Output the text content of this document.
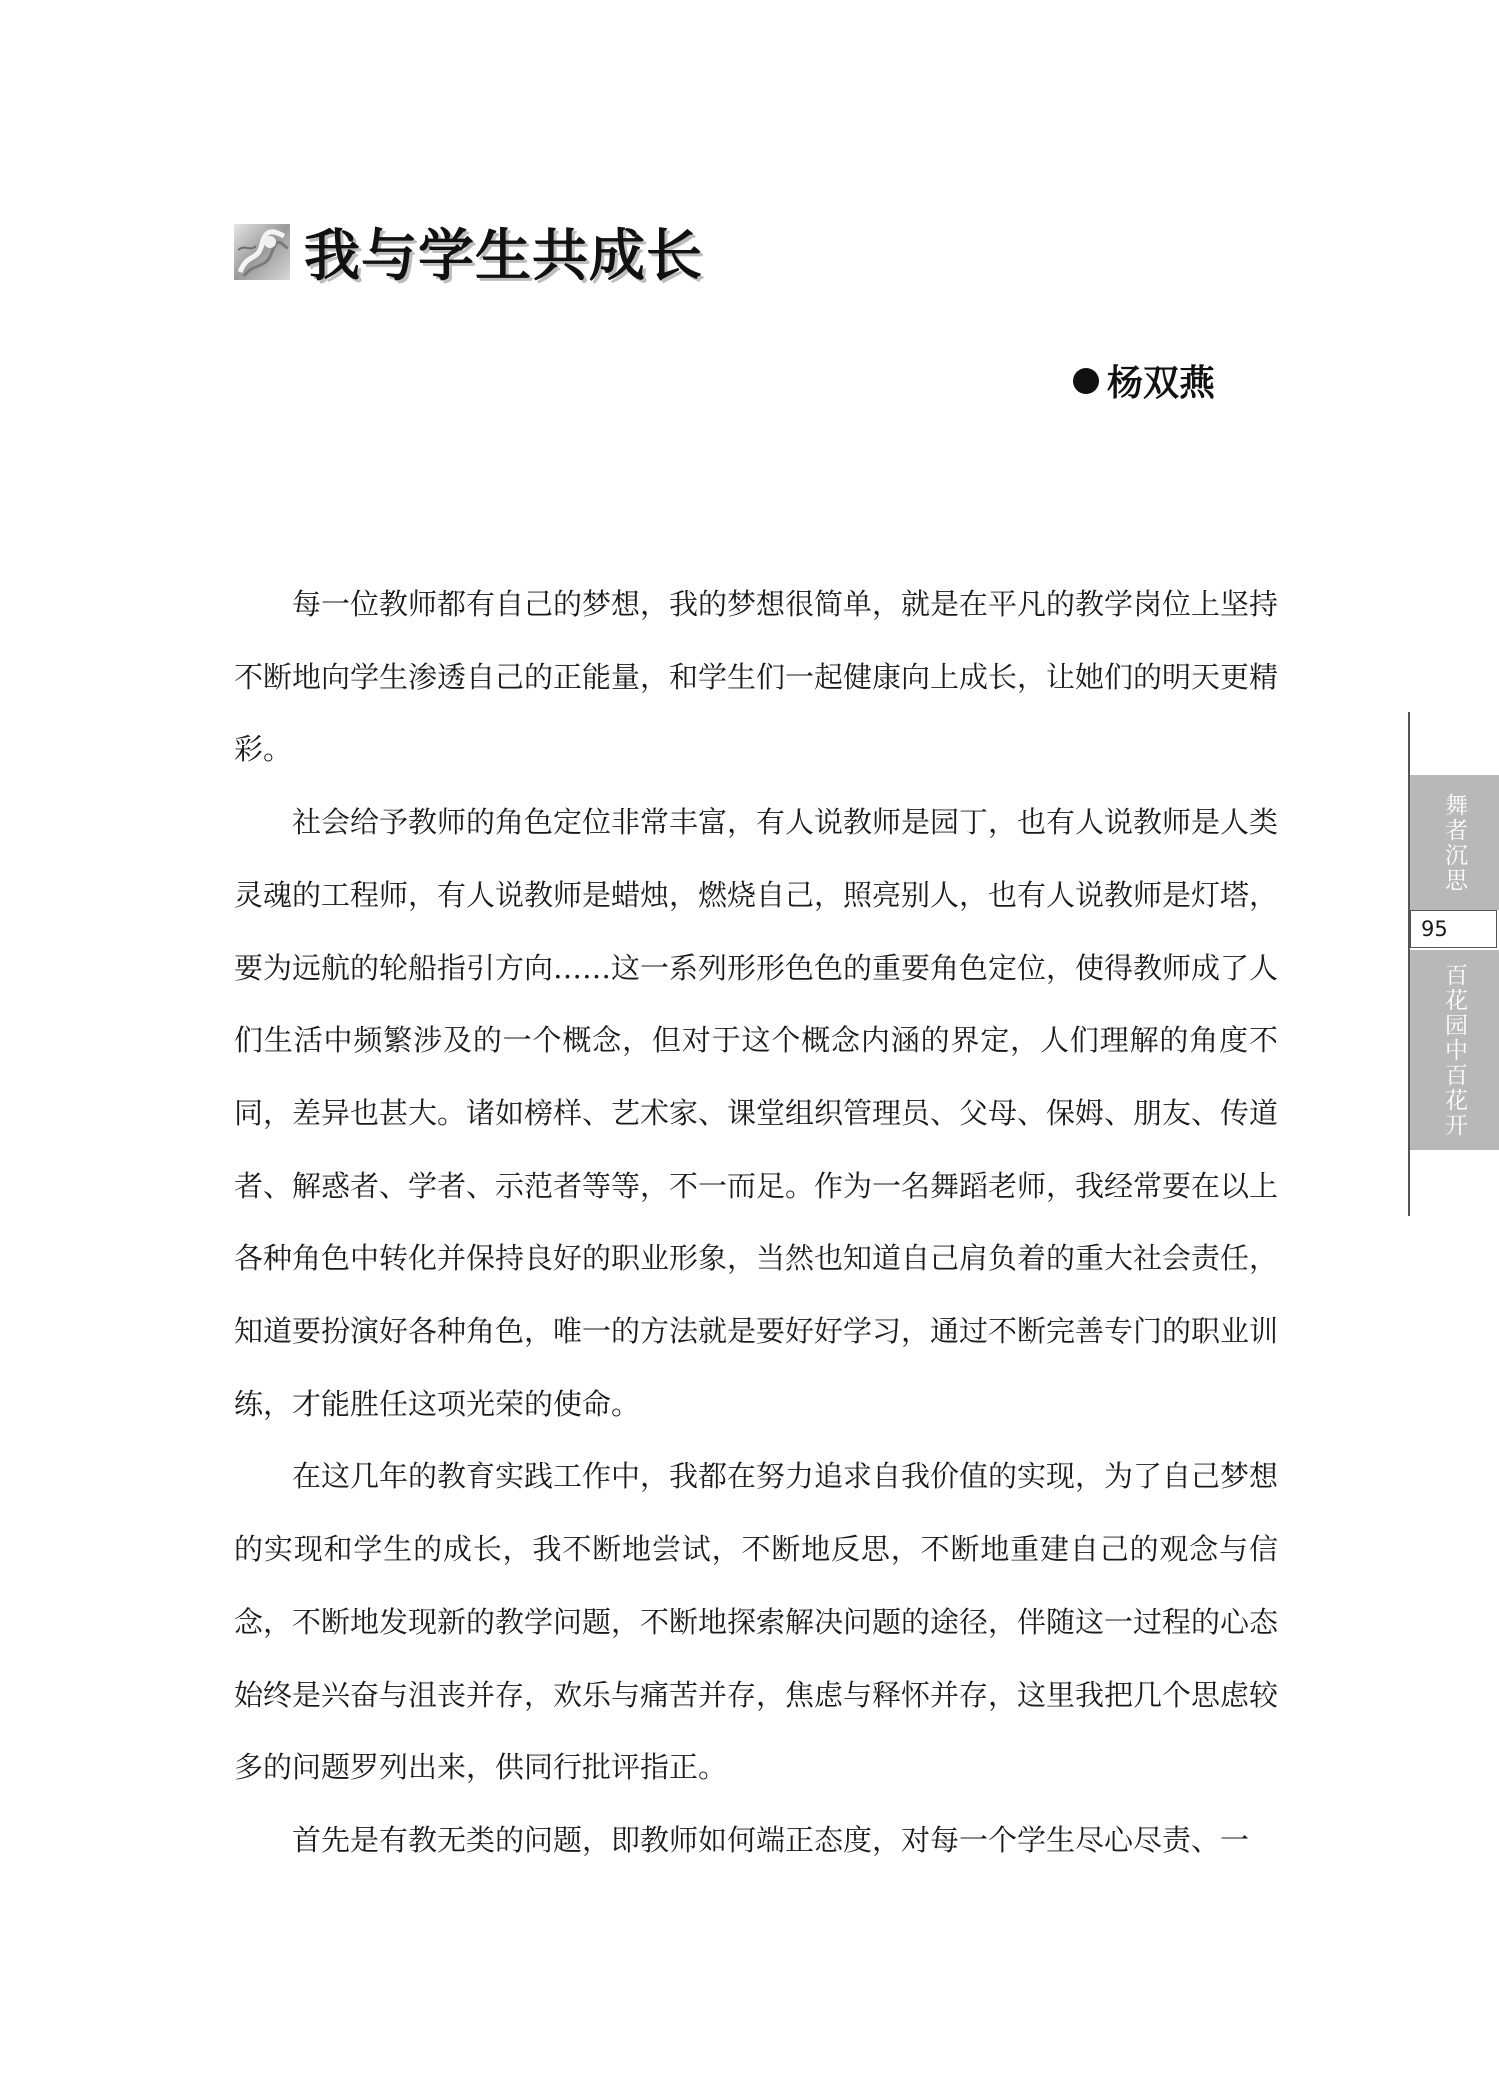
我与学生共成长
杨双燕

每一位教师都有自己的梦想，我的梦想很简单，就是在平凡的教学岗位上坚持不断地向学生渗透自己的正能量，和学生们一起健康向上成长，让她们的明天更精彩。

社会给予教师的角色定位非常丰富，有人说教师是园丁，也有人说教师是人类灵魂的工程师，有人说教师是蜡烛，燃烧自己，照亮别人，也有人说教师是灯塔，要为远航的轮船指引方向……这一系列形形色色的重要角色定位，使得教师成了人们生活中频繁涉及的一个概念，但对于这个概念内涵的界定，人们理解的角度不同，差异也甚大。诸如榜样、艺术家、课堂组织管理员、父母、保姆、朋友、传道者、解惑者、学者、示范者等等，不一而足。作为一名舞蹈老师，我经常要在以上各种角色中转化并保持良好的职业形象，当然也知道自己肩负着的重大社会责任，知道要扮演好各种角色，唯一的方法就是要好好学习，通过不断完善专门的职业训练，才能胜任这项光荣的使命。

在这几年的教育实践工作中，我都在努力追求自我价值的实现，为了自己梦想的实现和学生的成长，我不断地尝试，不断地反思，不断地重建自己的观念与信念，不断地发现新的教学问题，不断地探索解决问题的途径，伴随这一过程的心态始终是兴奋与沮丧并存，欢乐与痛苦并存，焦虑与释怀并存，这里我把几个思虑较多的问题罗列出来，供同行批评指正。

首先是有教无类的问题，即教师如何端正态度，对每一个学生尽心尽责、一

舞者沉思
95
百花园中百花开
